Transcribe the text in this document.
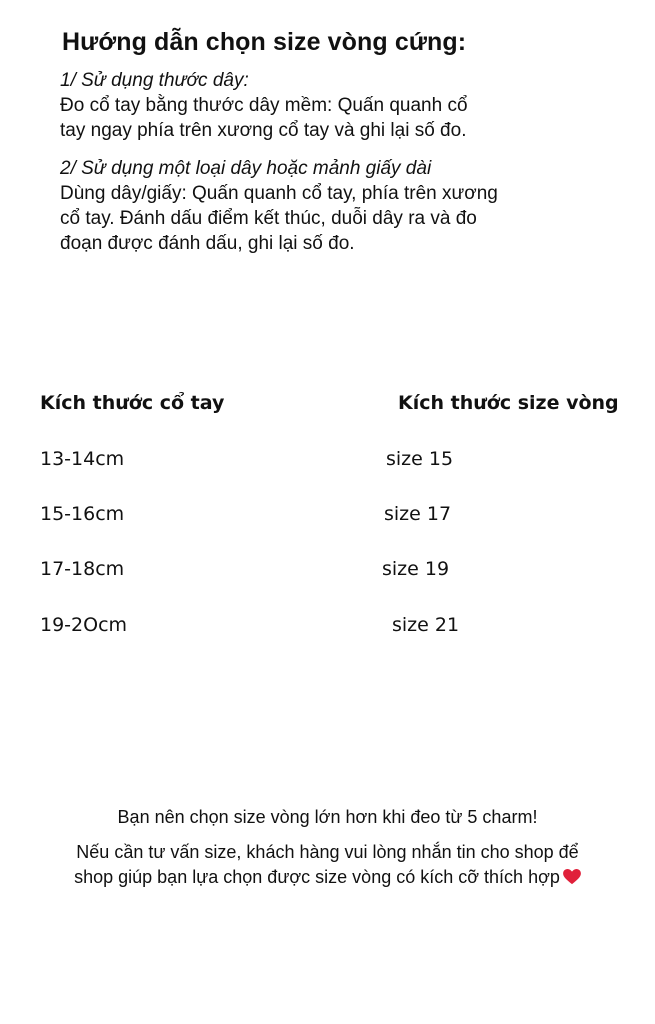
Hướng dẫn chọn size vòng cứng:
1/ Sử dụng thước dây:
Đo cổ tay bằng thước dây mềm: Quấn quanh cổ
tay ngay phía trên xương cổ tay và ghi lại số đo.
2/ Sử dụng một loại dây hoặc mảnh giấy dài
Dùng dây/giấy: Quấn quanh cổ tay, phía trên xương
cổ tay. Đánh dấu điểm kết thúc, duỗi dây ra và đo
đoạn được đánh dấu, ghi lại số đo.
Kích thước cổ tay	Kích thước size vòng
13-14cm	size 15
15-16cm	size 17
17-18cm	size 19
19-2Ocm	size 21
Bạn nên chọn size vòng lớn hơn khi đeo từ 5 charm!
Nếu cần tư vấn size, khách hàng vui lòng nhắn tin cho shop để
shop giúp bạn lựa chọn được size vòng có kích cỡ thích hợp
